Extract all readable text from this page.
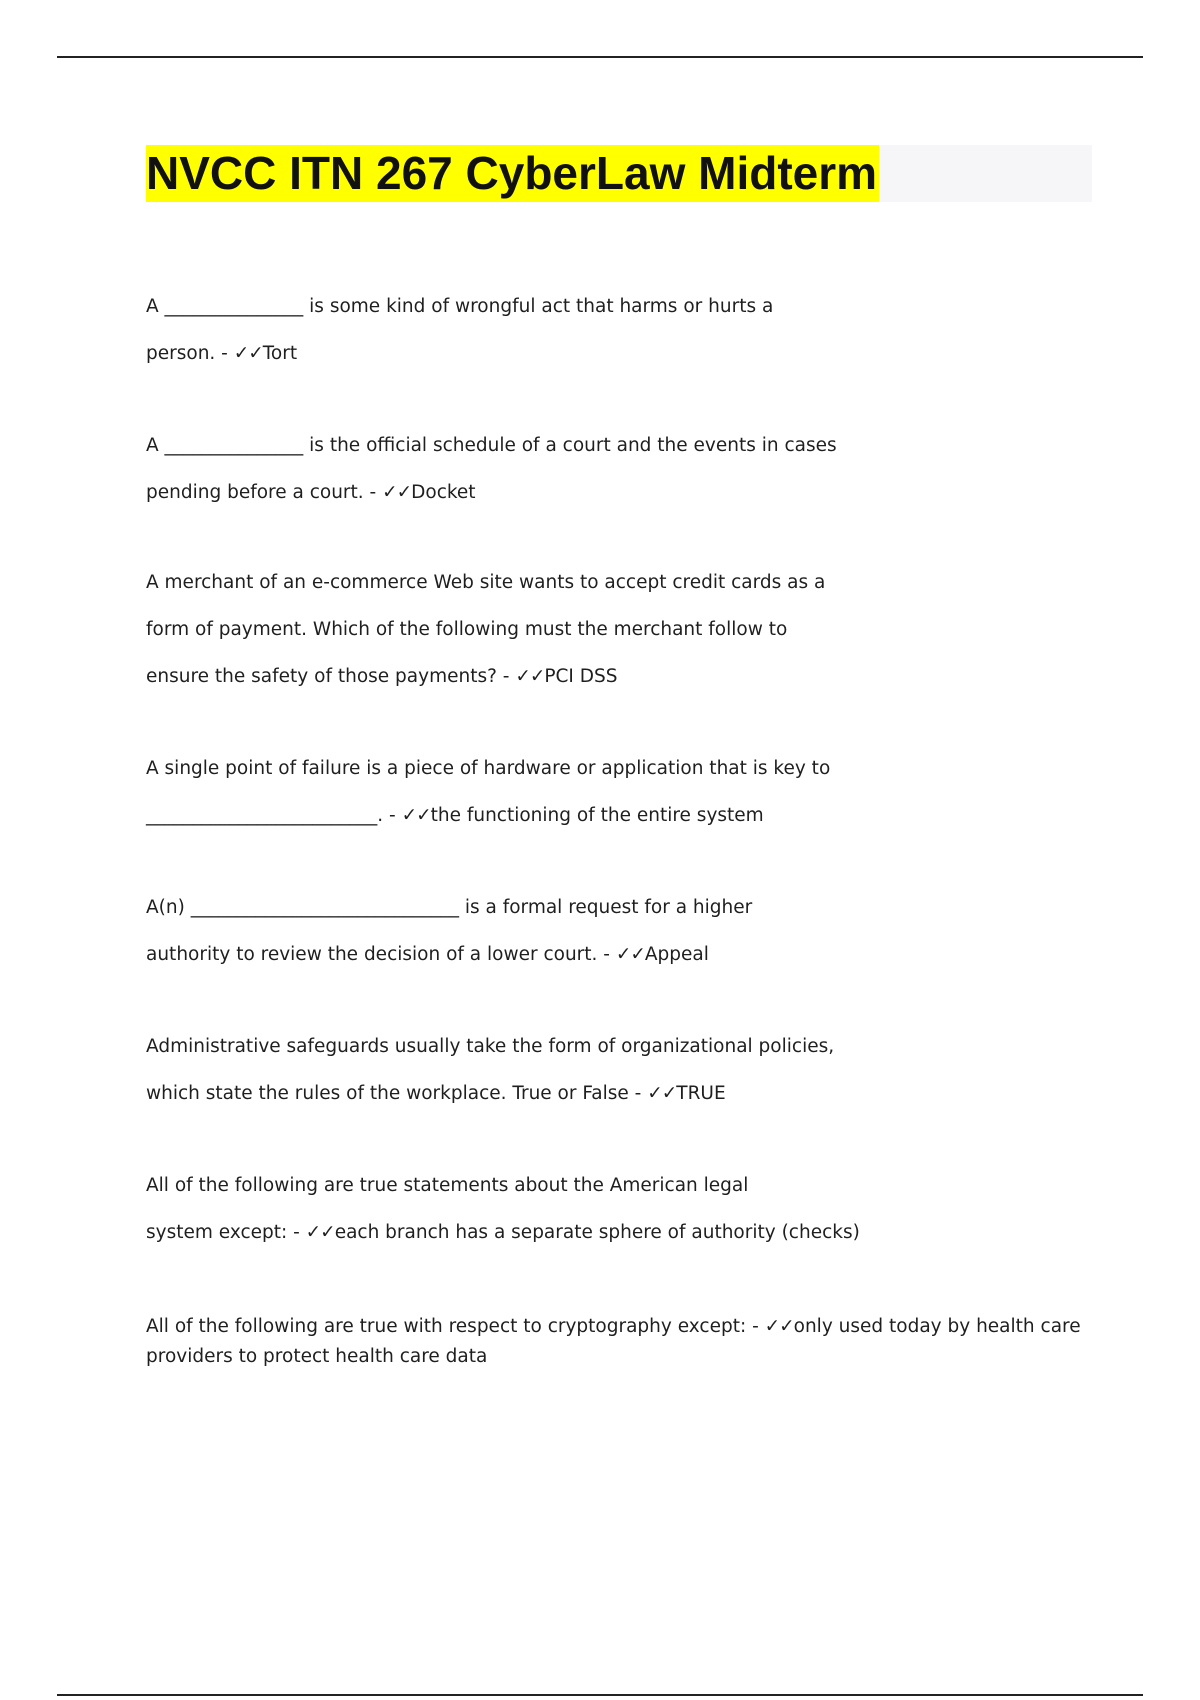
NVCC ITN 267 CyberLaw Midterm
A _______________ is some kind of wrongful act that harms or hurts a
person. - ✓✓Tort
A _______________ is the official schedule of a court and the events in cases
pending before a court. - ✓✓Docket
A merchant of an e-commerce Web site wants to accept credit cards as a
form of payment. Which of the following must the merchant follow to
ensure the safety of those payments? - ✓✓PCI DSS
A single point of failure is a piece of hardware or application that is key to
_________________________. - ✓✓the functioning of the entire system
A(n) _____________________________ is a formal request for a higher
authority to review the decision of a lower court. - ✓✓Appeal
Administrative safeguards usually take the form of organizational policies,
which state the rules of the workplace. True or False - ✓✓TRUE
All of the following are true statements about the American legal
system except: - ✓✓each branch has a separate sphere of authority (checks)
All of the following are true with respect to cryptography except: - ✓✓only used today by health care
providers to protect health care data
